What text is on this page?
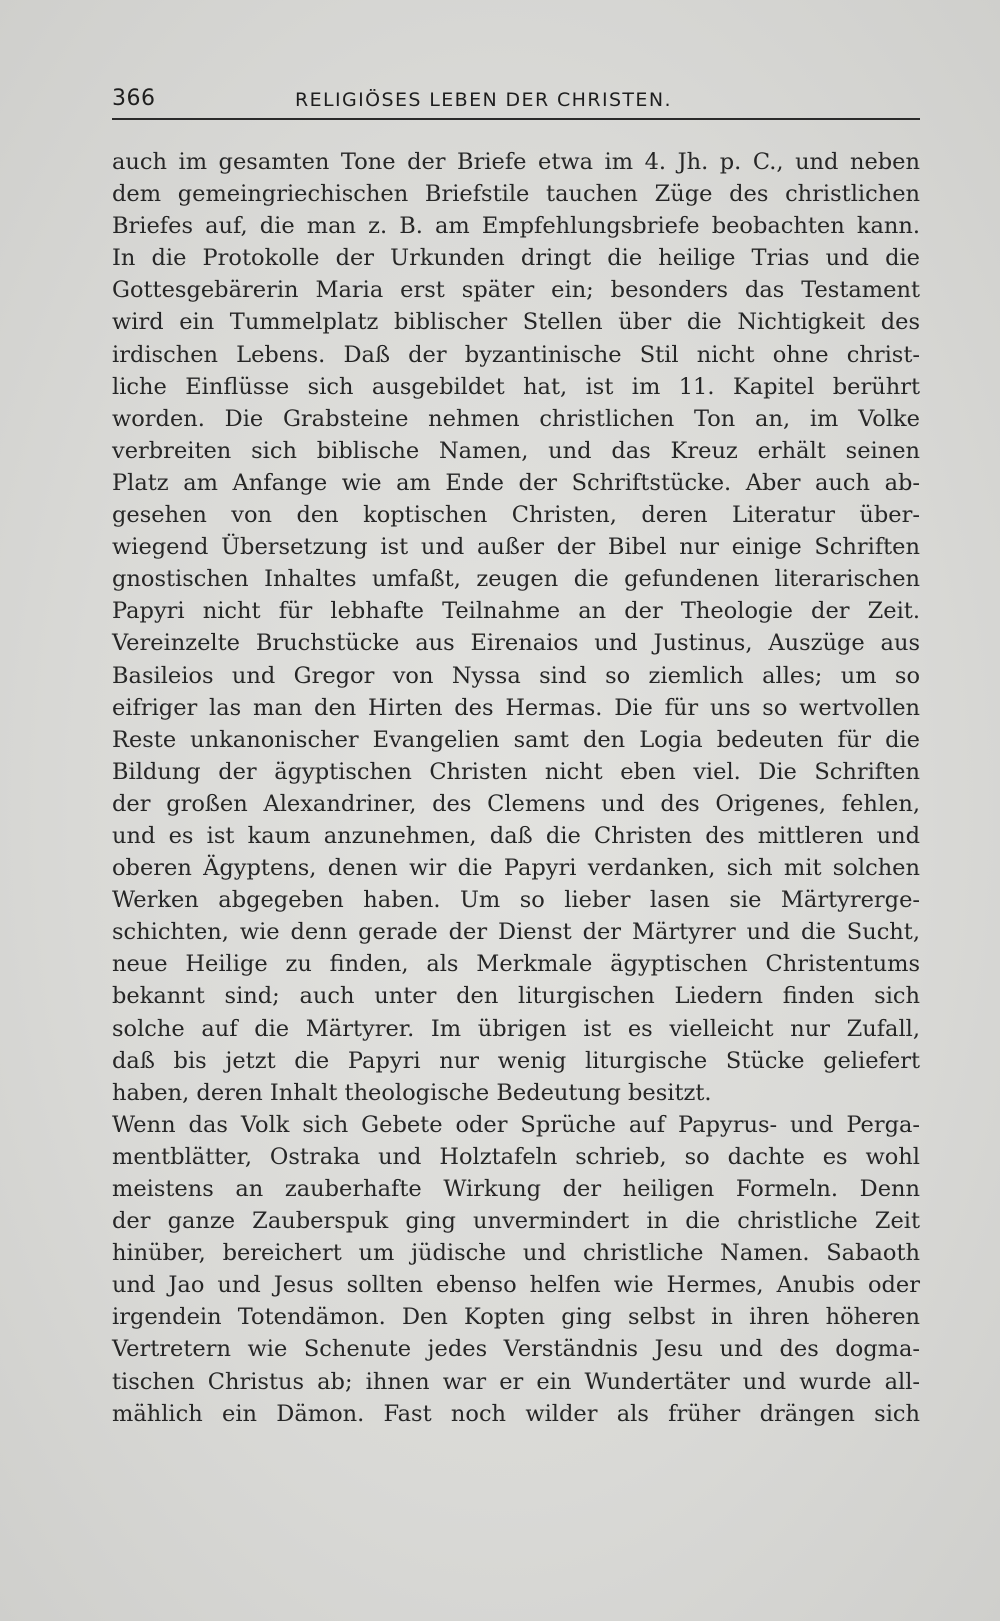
366	RELIGIÖSES LEBEN DER CHRISTEN.
auch im gesamten Tone der Briefe etwa im 4. Jh. p. C., und neben
dem gemeingriechischen Briefstile tauchen Züge des christlichen
Briefes auf, die man z. B. am Empfehlungsbriefe beobachten kann.
In die Protokolle der Urkunden dringt die heilige Trias und die
Gottesgebärerin Maria erst später ein; besonders das Testament
wird ein Tummelplatz biblischer Stellen über die Nichtigkeit des
irdischen Lebens. Daß der byzantinische Stil nicht ohne christ-
liche Einflüsse sich ausgebildet hat, ist im 11. Kapitel berührt
worden. Die Grabsteine nehmen christlichen Ton an, im Volke
verbreiten sich biblische Namen, und das Kreuz erhält seinen
Platz am Anfange wie am Ende der Schriftstücke. Aber auch ab-
gesehen von den koptischen Christen, deren Literatur über-
wiegend Übersetzung ist und außer der Bibel nur einige Schriften
gnostischen Inhaltes umfaßt, zeugen die gefundenen literarischen
Papyri nicht für lebhafte Teilnahme an der Theologie der Zeit.
Vereinzelte Bruchstücke aus Eirenaios und Justinus, Auszüge aus
Basileios und Gregor von Nyssa sind so ziemlich alles; um so
eifriger las man den Hirten des Hermas. Die für uns so wertvollen
Reste unkanonischer Evangelien samt den Logia bedeuten für die
Bildung der ägyptischen Christen nicht eben viel. Die Schriften
der großen Alexandriner, des Clemens und des Origenes, fehlen,
und es ist kaum anzunehmen, daß die Christen des mittleren und
oberen Ägyptens, denen wir die Papyri verdanken, sich mit solchen
Werken abgegeben haben. Um so lieber lasen sie Märtyrerge-
schichten, wie denn gerade der Dienst der Märtyrer und die Sucht,
neue Heilige zu finden, als Merkmale ägyptischen Christentums
bekannt sind; auch unter den liturgischen Liedern finden sich
solche auf die Märtyrer. Im übrigen ist es vielleicht nur Zufall,
daß bis jetzt die Papyri nur wenig liturgische Stücke geliefert
haben, deren Inhalt theologische Bedeutung besitzt.
Wenn das Volk sich Gebete oder Sprüche auf Papyrus- und Perga-
mentblätter, Ostraka und Holztafeln schrieb, so dachte es wohl
meistens an zauberhafte Wirkung der heiligen Formeln. Denn
der ganze Zauberspuk ging unvermindert in die christliche Zeit
hinüber, bereichert um jüdische und christliche Namen. Sabaoth
und Jao und Jesus sollten ebenso helfen wie Hermes, Anubis oder
irgendein Totendämon. Den Kopten ging selbst in ihren höheren
Vertretern wie Schenute jedes Verständnis Jesu und des dogma-
tischen Christus ab; ihnen war er ein Wundertäter und wurde all-
mählich ein Dämon. Fast noch wilder als früher drängen sich
